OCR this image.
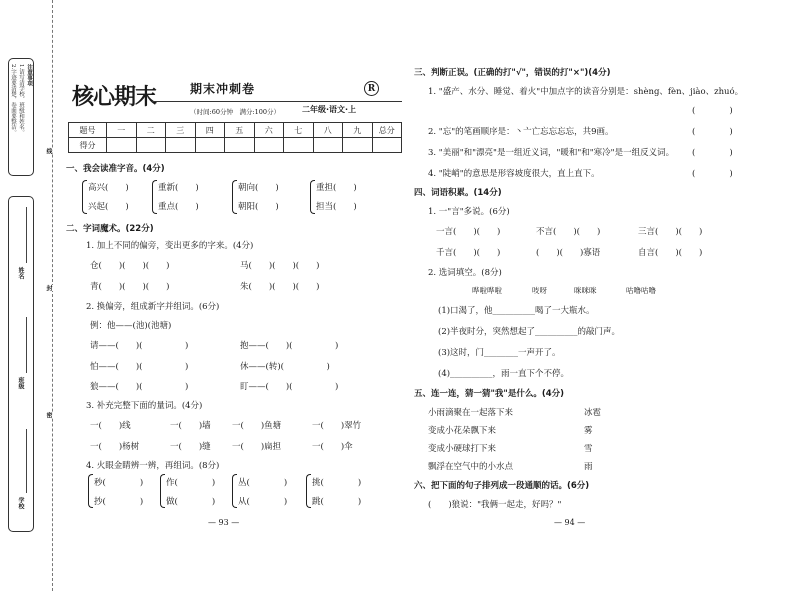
注意事项
1.请写清学校、班级和姓名。
2.字迹要清楚，卷面要整洁。
姓名
班级
学校
线
封
密
核心期末	期末冲刺卷	R
（时间:60分钟　满分:100分）	二年级·语文·上
题号	一	二	三	四	五	六	七	八	九	总分
得分										
一、我会读准字音。(4分)
高兴(　　)
兴起(　　)
重新(　　)
重点(　　)
朝向(　　)
朝阳(　　)
重担(　　)
担当(　　)
二、字词魔术。(22分)
1. 加上不同的偏旁，变出更多的字来。(4分)
仓(　　)(　　)(　　)	马(　　)(　　)(　　)
青(　　)(　　)(　　)	朱(　　)(　　)(　　)
2. 换偏旁，组成新字并组词。(6分)
例：他——(池)(池塘)
请——(　　)(　　　　　)	抱——(　　)(　　　　　)
怕——(　　)(　　　　　)	休——(转)(　　　　　)
狼——(　　)(　　　　　)	盯——(　　)(　　　　　)
3. 补充完整下面的量词。(4分)
一(　　)线	一(　　)墙	一(　　)鱼塘	一(　　)翠竹
一(　　)杨树	一(　　)缝	一(　　)扁担	一(　　)伞
4. 火眼金睛辨一辨，再组词。(8分)
秒(　　　　)
抄(　　　　)
作(　　　　)
做(　　　　)
丛(　　　　)
从(　　　　)
挑(　　　　)
跳(　　　　)
— 93 —
三、判断正误。(正确的打"√"，错误的打"×")(4分)
1. "盛产、水分、睡觉、着火"中加点字的读音分别是：shèng、fèn、jiào、zhuó。
(　　　　)
2. "忘"的笔画顺序是：丶亠亡忘忘忘忘，共9画。	(　　　　)
3. "美丽"和"漂亮"是一组近义词，"暖和"和"寒冷"是一组反义词。 (　　　　)
4. "陡峭"的意思是形容坡度很大，直上直下。	(　　　　)
四、词语积累。(14分)
1. 一"言"多说。(6分)
一言(　　)(　　)	不言(　　)(　　)	三言(　　)(　　)
千言(　　)(　　)	(　　)(　　)寡语	自言(　　)(　　)
2. 选词填空。(8分)
哗啦哗啦	吱呀	咪咪咪	咕噜咕噜
(1)口渴了，他__________喝了一大瓶水。
(2)半夜时分，突然想起了__________的敲门声。
(3)这时，门________一声开了。
(4)__________，雨一直下个不停。
五、连一连，猜一猜"我"是什么。(4分)
小雨滴聚在一起落下来
变成小花朵飘下来
变成小硬球打下来
飘浮在空气中的小水点
冰雹
雾
雪
雨
六、把下面的句子排列成一段通顺的话。(6分)
(　　)狼说："我俩一起走，好吗？"
— 94 —
